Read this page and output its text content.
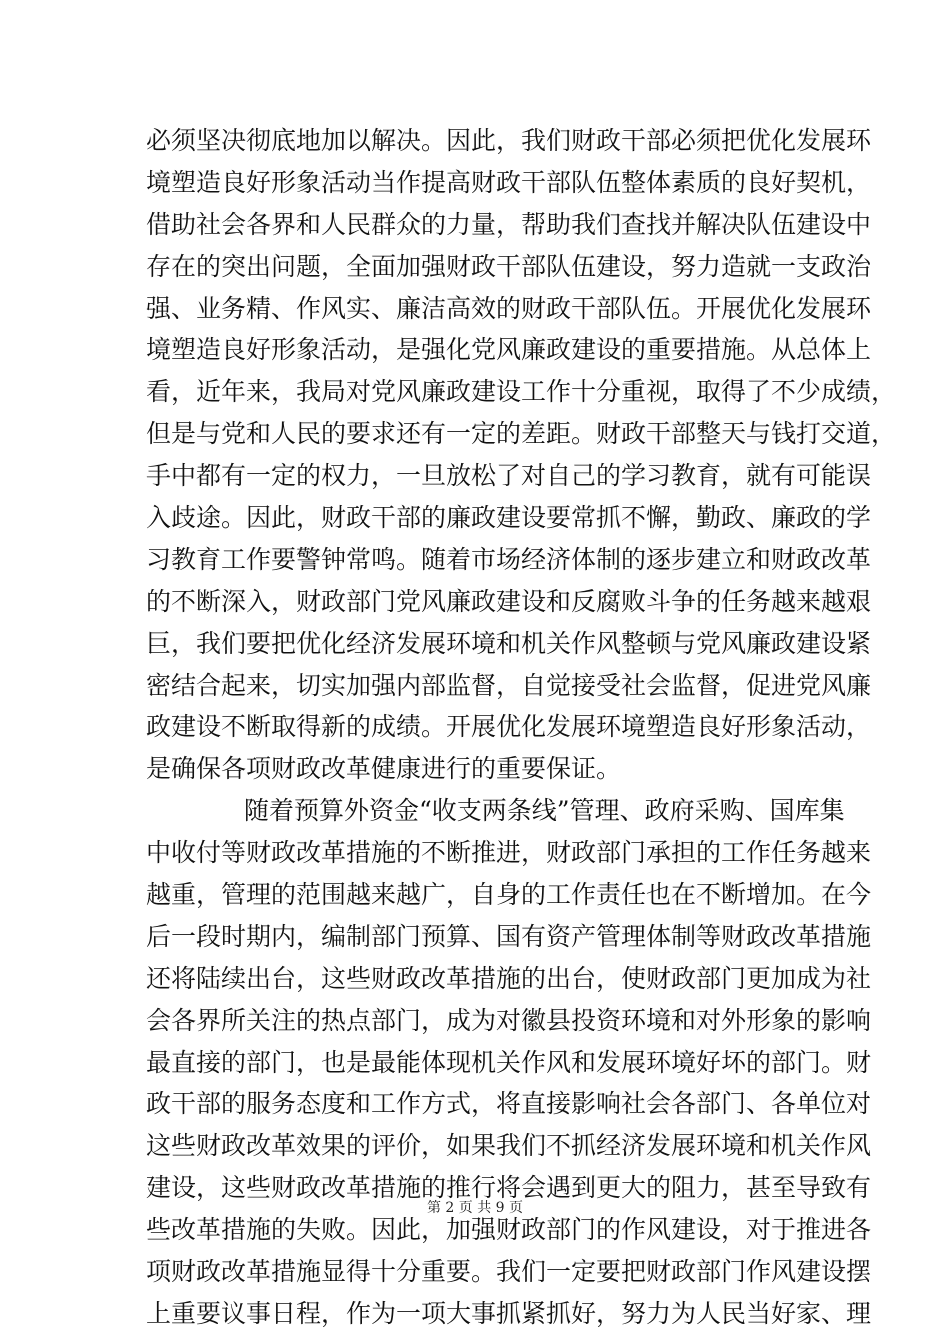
必须坚决彻底地加以解决。因此，我们财政干部必须把优化发展环
境塑造良好形象活动当作提高财政干部队伍整体素质的良好契机，
借助社会各界和人民群众的力量，帮助我们查找并解决队伍建设中
存在的突出问题，全面加强财政干部队伍建设，努力造就一支政治
强、业务精、作风实、廉洁高效的财政干部队伍。开展优化发展环
境塑造良好形象活动，是强化党风廉政建设的重要措施。从总体上
看，近年来，我局对党风廉政建设工作十分重视，取得了不少成绩，
但是与党和人民的要求还有一定的差距。财政干部整天与钱打交道，
手中都有一定的权力，一旦放松了对自己的学习教育，就有可能误
入歧途。因此，财政干部的廉政建设要常抓不懈，勤政、廉政的学
习教育工作要警钟常鸣。随着市场经济体制的逐步建立和财政改革
的不断深入，财政部门党风廉政建设和反腐败斗争的任务越来越艰
巨，我们要把优化经济发展环境和机关作风整顿与党风廉政建设紧
密结合起来，切实加强内部监督，自觉接受社会监督，促进党风廉
政建设不断取得新的成绩。开展优化发展环境塑造良好形象活动，
是确保各项财政改革健康进行的重要保证。
随着预算外资金“收支两条线”管理、政府采购、国库集
中收付等财政改革措施的不断推进，财政部门承担的工作任务越来
越重，管理的范围越来越广，自身的工作责任也在不断增加。在今
后一段时期内，编制部门预算、国有资产管理体制等财政改革措施
还将陆续出台，这些财政改革措施的出台，使财政部门更加成为社
会各界所关注的热点部门，成为对徽县投资环境和对外形象的影响
最直接的部门，也是最能体现机关作风和发展环境好坏的部门。财
政干部的服务态度和工作方式，将直接影响社会各部门、各单位对
这些财政改革效果的评价，如果我们不抓经济发展环境和机关作风
建设，这些财政改革措施的推行将会遇到更大的阻力，甚至导致有
些改革措施的失败。因此，加强财政部门的作风建设，对于推进各
项财政改革措施显得十分重要。我们一定要把财政部门作风建设摆
上重要议事日程，作为一项大事抓紧抓好，努力为人民当好家、理
第 2 页 共 9 页
